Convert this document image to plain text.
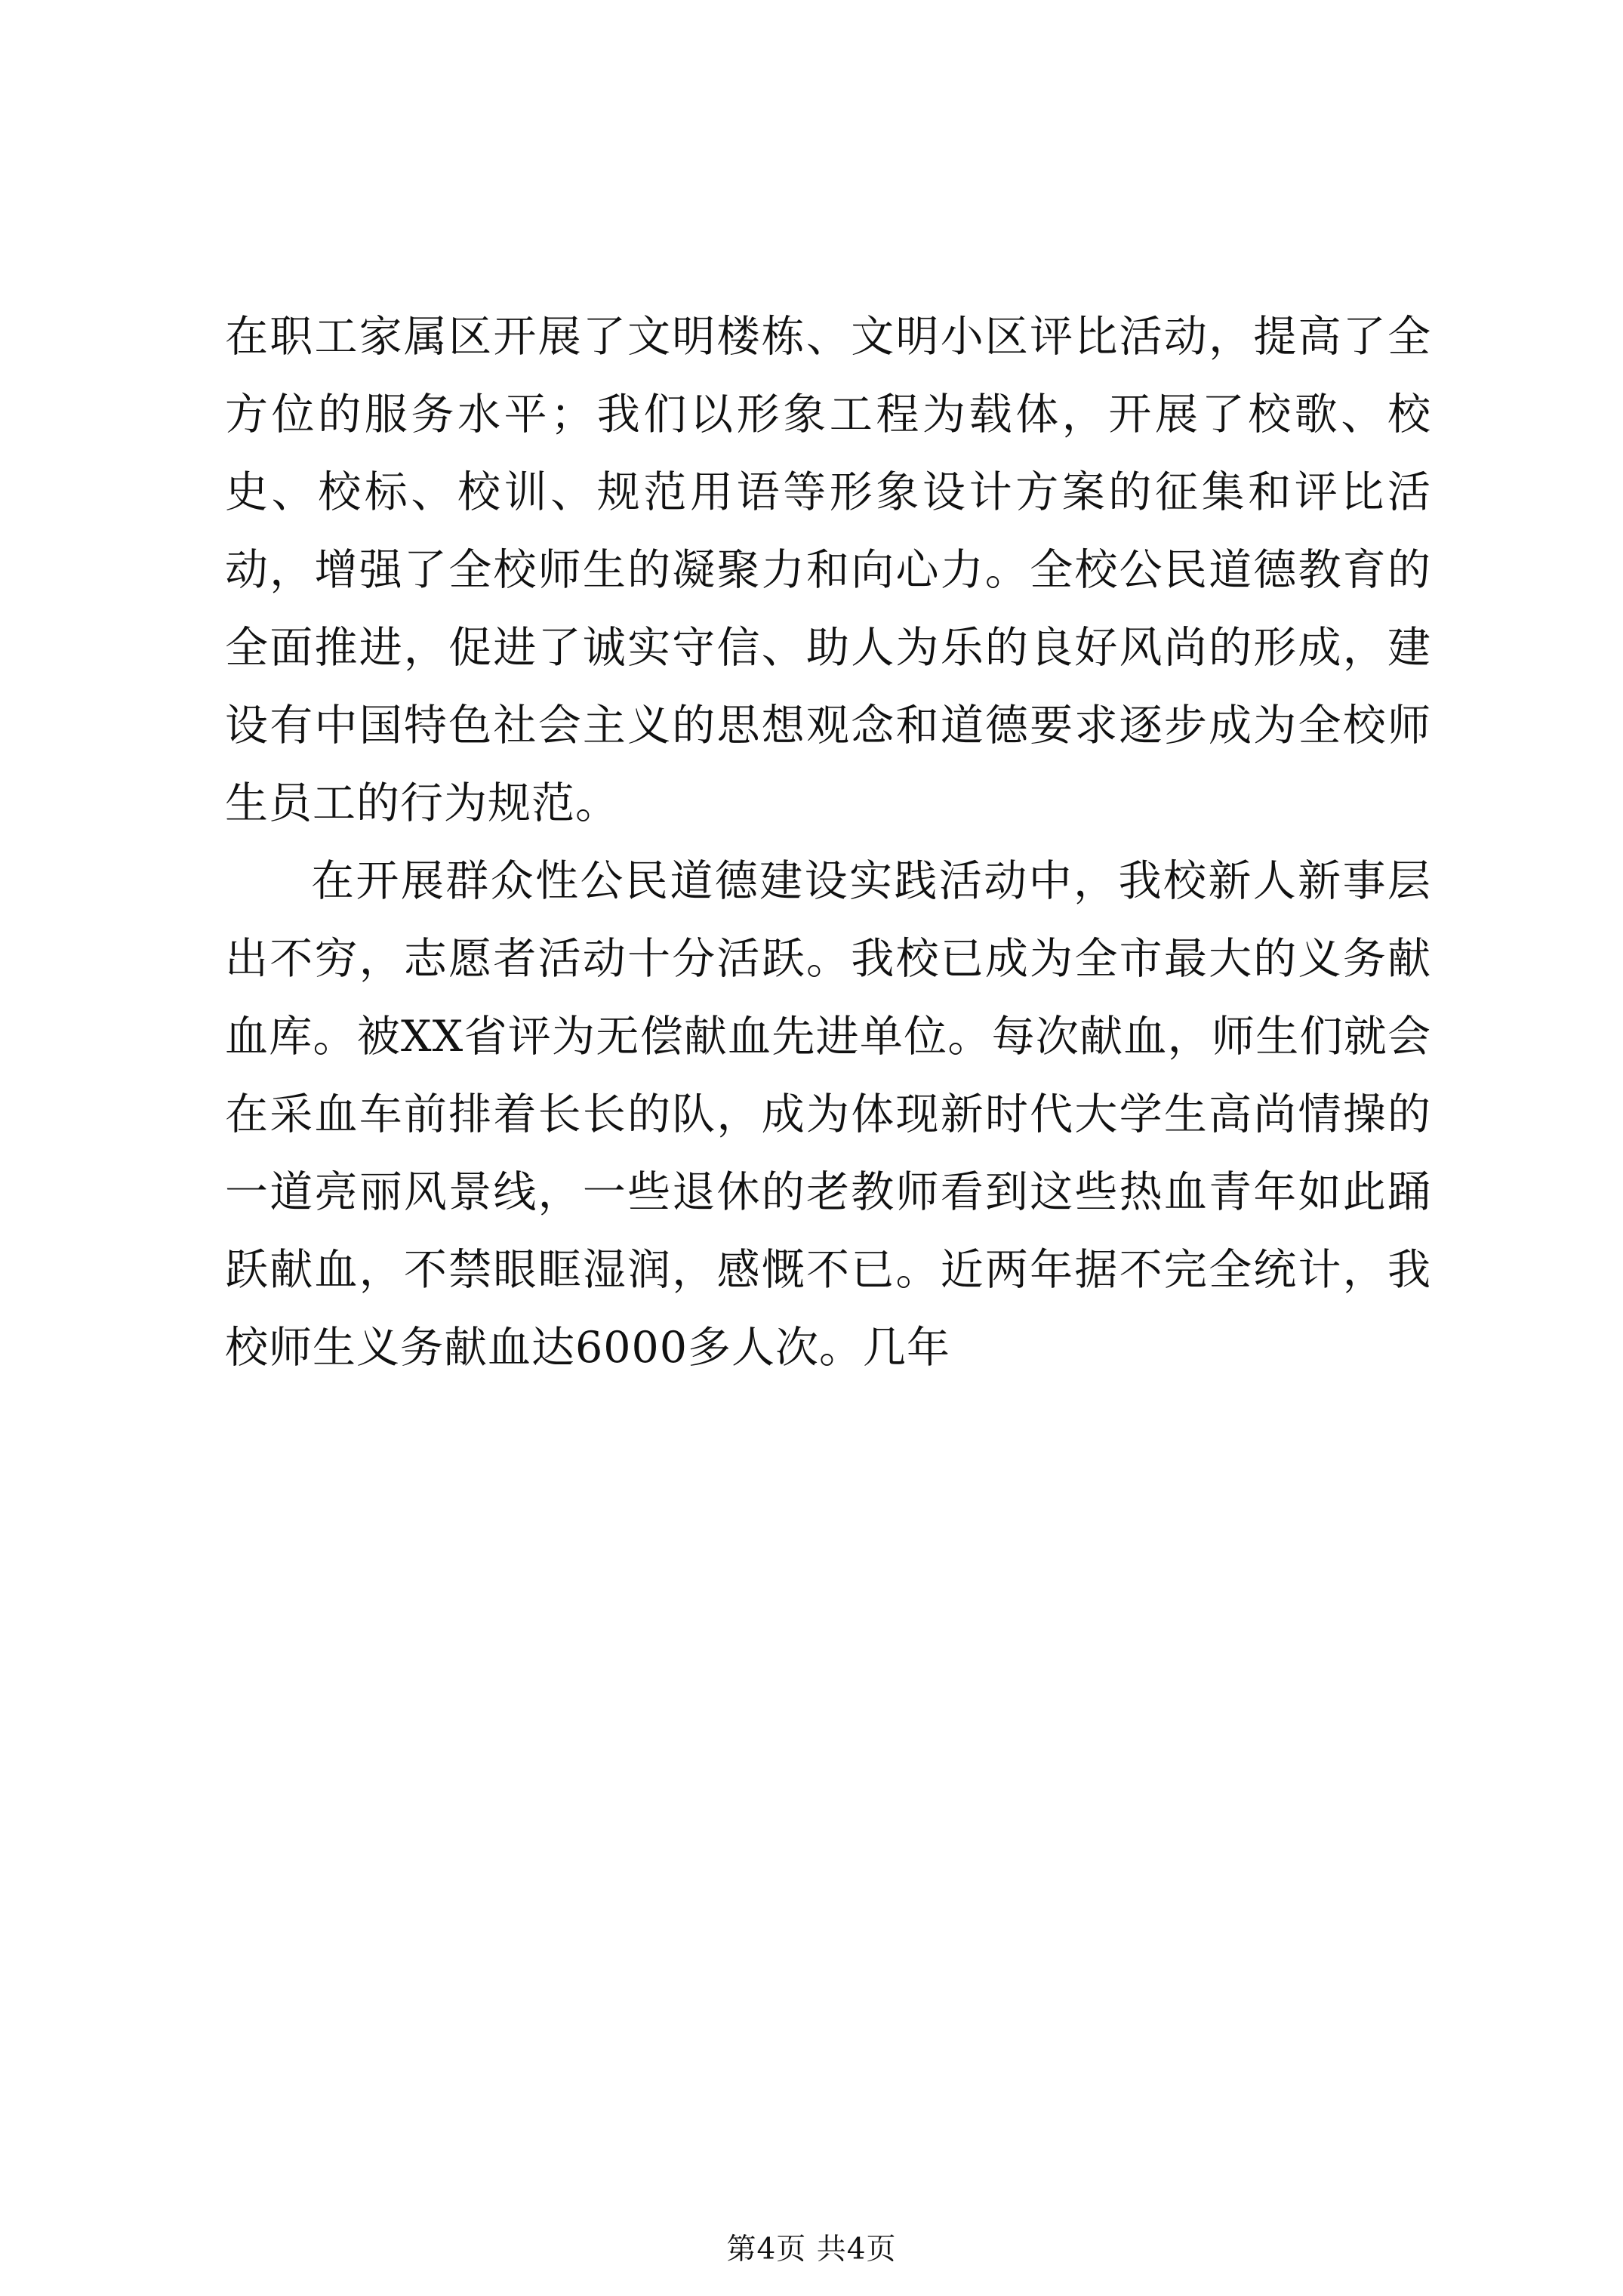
在职工家属区开展了文明楼栋、文明小区评比活动，提高了全方位的服务水平；我们以形象工程为载体，开展了校歌、校史、校标、校训、规范用语等形象设计方案的征集和评比活动，增强了全校师生的凝聚力和向心力。全校公民道德教育的全面推进，促进了诚实守信、助人为乐的良好风尚的形成，建设有中国特色社会主义的思想观念和道德要求逐步成为全校师生员工的行为规范。

在开展群众性公民道德建设实践活动中，我校新人新事层出不穷，志愿者活动十分活跃。我校已成为全市最大的义务献血库。被XX省评为无偿献血先进单位。每次献血，师生们就会在采血车前排着长长的队，成为体现新时代大学生高尚情操的一道亮丽风景线，一些退休的老教师看到这些热血青年如此踊跃献血，不禁眼眶湿润，感慨不已。近两年据不完全统计，我校师生义务献血达6000多人次。几年

第4页 共4页
